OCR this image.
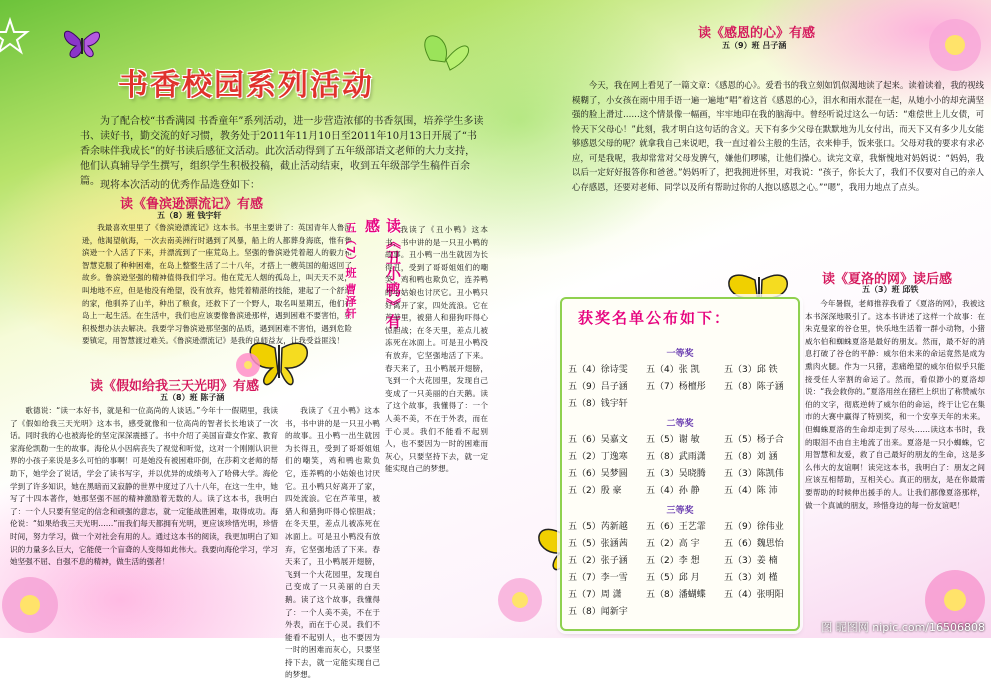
书香校园系列活动

为了配合校“书香满园 书香童年”系列活动，进一步营造浓郁的书香氛围，培养学生多读书、读好书，勤交流的好习惯，教务处于2011年11月10日至2011年10月13日开展了“书香余味伴我成长”的好书读后感征文活动。此次活动得到了五年级部语文老师的大力支持，他们认真辅导学生撰写，组织学生积极投稿，截止活动结束，收到五年级部学生稿件百余篇。 现将本次活动的优秀作品选登如下：

读《鲁滨逊漂流记》有感

五（8）班 钱宇轩

我最喜欢里里了《鲁滨逊漂流记》这本书。书里主要讲了：英国青年人鲁滨逊，他渴望航海，一次去南美洲行时遇到了风暴，船上的人都葬身海底，惟有鲁滨逊一个人活了下来，并漂流到了一座荒岛上。坚强的鲁滨逊凭着超人的毅力和智慧克服了种种困难，在岛上整整生活了二十八年，才搭上一艘英国的船返回了故乡。鲁滨逊坚强的精神值得我们学习。他在荒无人烟的孤岛上，叫天天不灵，叫地地不应，但是他没有绝望，没有放弃，他凭着精湛的技能，建起了一个舒适的家，他驯养了山羊，种出了粮食，还救下了一个野人，取名叫星期五，他们在岛上一起生活。在生活中，我们也应该要像鲁滨逊那样，遇到困难不要害怕，要积极想办法去解决。我要学习鲁滨逊那坚强的品质，遇到困难不害怕，遇到危险要镇定，用智慧渡过难关。《鲁滨逊漂流记》是我的良师益友，让我受益匪浅！

读《丑小鸭》有感
五（7）班 曹泽轩	我读了《丑小鸭》这本书，书中讲的是一只丑小鸭的故事。丑小鸭一出生就因为长得丑，受到了哥哥姐姐们的嘲笑，鸡和鸭也欺负它，连养鸭的小姑娘也讨厌它。丑小鸭只好离开了家，四处流浪。它在芦苇里，被猎人和猎狗吓得心惊胆战；在冬天里，差点儿被冻死在冰面上。可是丑小鸭没有放弃，它坚强地活了下来。春天来了，丑小鸭展开翅膀，飞到一个大花园里，发现自己变成了一只美丽的白天鹅。读了这个故事，我懂得了：一个人美不美，不在于外表，而在于心灵。我们不能看不起别人，也不要因为一时的困难而灰心，只要坚持下去，就一定能实现自己的梦想。

读《假如给我三天光明》有感

五（8）班 陈子涵

歌德说：“读一本好书，就是和一位高尚的人谈话。”今年十一假期里，我读了《假如给我三天光明》这本书，感受就像和一位高尚的智者长长地谈了一次话。同时我的心也被海伦的坚定深深震撼了。书中介绍了美国盲聋女作家、教育家海伦凯勒一生的故事。海伦从小因病丧失了视觉和听觉，这对一个刚刚认识世界的小孩子来说是多么可怕的事啊！可是她没有被困难吓倒，在莎莉文老师的帮助下，她学会了说话，学会了读书写字，并以优异的成绩考入了哈佛大学。海伦学到了许多知识，她在黑暗而又寂静的世界中度过了八十八年，在这一生中，她写了十四本著作，她那坚强不屈的精神激励着无数的人。读了这本书，我明白了：一个人只要有坚定的信念和顽强的意志，就一定能战胜困难，取得成功。海伦说：“如果给我三天光明……”而我们每天都拥有光明，更应该珍惜光明，珍惜时间，努力学习，做一个对社会有用的人。通过这本书的阅读，我更加明白了知识的力量多么巨大，它能使一个盲聋的人变得如此伟大。我要向海伦学习，学习她坚强不屈、自强不息的精神，做生活的强者！

我读了《丑小鸭》这本书，书中讲的是一只丑小鸭的故事。丑小鸭一出生就因为长得丑，受到了哥哥姐姐们的嘲笑，鸡和鸭也欺负它，连养鸭的小姑娘也讨厌它。丑小鸭只好离开了家，四处流浪。它在芦苇里，被猎人和猎狗吓得心惊胆战；在冬天里，差点儿被冻死在冰面上。可是丑小鸭没有放弃，它坚强地活了下来。春天来了，丑小鸭展开翅膀，飞到一个大花园里，发现自己变成了一只美丽的白天鹅。读了这个故事，我懂得了：一个人美不美，不在于外表，而在于心灵。我们不能看不起别人，也不要因为一时的困难而灰心，只要坚持下去，就一定能实现自己的梦想。

读《感恩的心》有感

五（9）班 吕子涵

今天，我在网上看见了一篇文章：《感恩的心》。爱看书的我立刻如饥似渴地读了起来。读着读着，我的视线模糊了，小女孩在雨中用手语一遍一遍地“唱”着这首《感恩的心》，泪水和雨水混在一起，从她小小的却充满坚强的脸上滑过……这个情景像一幅画，牢牢地印在我的脑海中。曾经听说过这么一句话：“难偿世上儿女债，可怜天下父母心！”此刻，我才明白这句话的含义。天下有多少父母在默默地为儿女付出，而天下又有多少儿女能够感恩父母的呢？就拿我自己来说吧，我一直过着公主般的生活，衣来伸手，饭来张口。父母对我的要求有求必应，可是我呢，我却常常对父母发脾气，嫌他们啰嗦，让他们操心。读完文章，我惭愧地对妈妈说：“妈妈，我以后一定好好报答你和爸爸。”妈妈听了，把我拥进怀里，对我说：“孩子，你长大了，我们不仅要对自己的亲人心存感恩，还要对老师、同学以及所有帮助过你的人抱以感恩之心。”“嗯”，我用力地点了点头。

读《夏洛的网》读后感

五（3）班 邱铁

今年暑假，老师推荐我看了《夏洛的网》，我被这本书深深地吸引了。这本书讲述了这样一个故事：在朱克曼家的谷仓里，快乐地生活着一群小动物，小猪威尔伯和蜘蛛夏洛是最好的朋友。然而，最不好的消息打破了谷仓的平静：威尔伯未来的命运竟然是成为熏肉火腿。作为一只猪，悲痛绝望的威尔伯似乎只能接受任人宰割的命运了。然而，看似渺小的夏洛却说：“我会救你的。”夏洛用丝在猪栏上织出了称赞威尔伯的文字，彻底逆转了威尔伯的命运，终于让它在集市的大赛中赢得了特别奖，和一个安享天年的未来。但蜘蛛夏洛的生命却走到了尽头……读这本书时，我的眼泪不由自主地流了出来。夏洛是一只小蜘蛛，它用智慧和友爱，救了自己最好的朋友的生命，这是多么伟大的友谊啊！读完这本书，我明白了：朋友之间应该互相帮助，互相关心。真正的朋友，是在你最需要帮助的时候伸出援手的人。让我们都像夏洛那样，做一个真诚的朋友，珍惜身边的每一份友谊吧！

获奖名单公布如下：

一等奖

五（4）徐诗雯 五（4）张 凯	五（3）邱 铁
五（9）吕子涵 五（7）杨檀彤 五（8）陈子涵
五（8）钱宇轩

二等奖

五（6）吴嘉文 五（5）谢 敏	五（5）杨子合
五（2）丁逸寒 五（8）武雨潇 五（8）刘 涵
五（6）吴梦圆 五（3）吴晓腾 五（3）陈凯伟
五（2）殷 豪	五（4）孙 静	五（4）陈 沛

三等奖

五（5）芮新越 五（6）王艺霏 五（9）徐伟业
五（5）张涵茜 五（2）高 宇	五（6）魏思怡
五（2）张子涵 五（2）李 想	五（3）姜 楠
五（7）李一雪 五（5）邱 月	五（3）刘 槿
五（7）周 潇	五（8）潘蝴蝶 五（4）张明阳
五（8）闻新宇
图 昵图网 nipic.com/16506808
